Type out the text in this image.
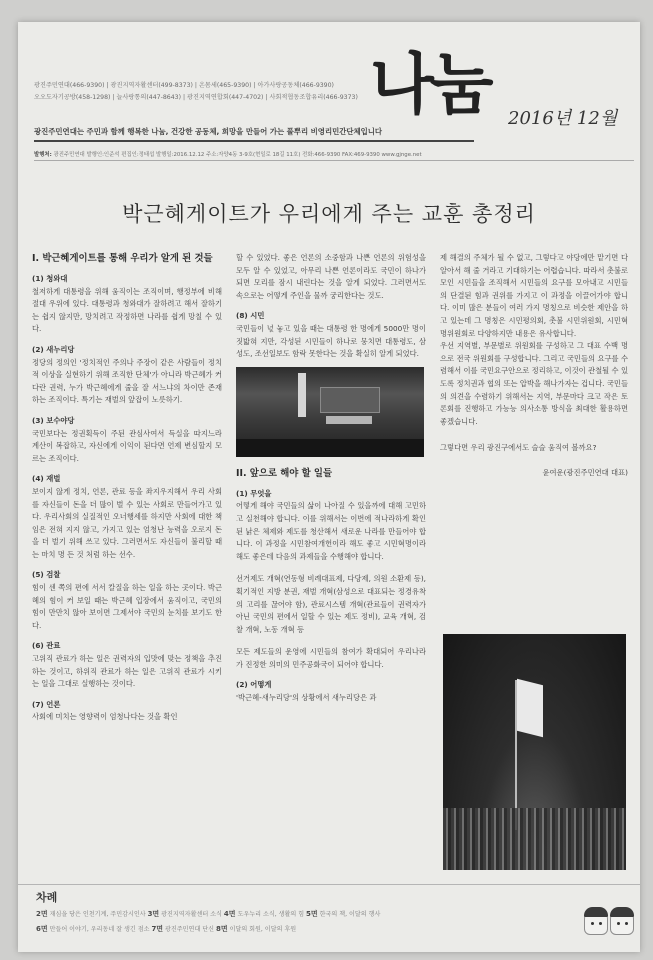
광진주민연대(466-9390) | 광진지역자활센터(499-8373) | 온몸세(465-9390) | 아가사랑공동체(466-9390)
오오도자기공방(458-1298) | 늘사랑통의(447-8643) | 광진지역연합회(447-4702) | 사회적협동조합유리(466-9373) 나눔 2016년 12월
광진주민연대는 주민과 함께 행복한 나눔, 건강한 공동체, 희망을 만들어 가는 풀뿌리 비영리민간단체입니다
발행처: 광진주민연대 발행인:인준석 편집인:정태섭 발행일:2016.12.12 주소:자양4동 3-9호(현일로 18길 11호) 전화:466-9390 FAX:469-9390 www.gjnge.net
박근혜게이트가 우리에게 주는 교훈 총정리
I. 박근혜게이트를 통해 우리가 알게 된 것들
(1) 청와대
철저하게 대통령을 위해 움직이는 조직이며, 행정부에 비해 절대 우위에 있다. 대통령과 청와대가 잘하려고 해서 잘하기는 쉽지 않지만, 망치려고 작정하면 나라를 쉽게 망칠 수 있다.
(2) 새누리당
정당의 정의인 '정치적인 주의나 주장이 같은 사람들이 정치적 이상을 실현하기 위해 조직한 단체'가 아니라 박근혜가 커다란 권력, 누가 박근혜에게 줄을 잘 서느냐의 차이만 존재하는 조직이다. 특기는 재벌의 앞잡이 노릇하기.
(3) 보수야당
국민보다는 정권획득이 주된 관심사여서 득실을 따지느라 계산이 복잡하고, 자신에게 이익이 된다면 언제 변심할지 모르는 조직이다.
(4) 재벌
보이지 않게 정치, 언론, 관료 등을 좌지우지해서 우리 사회를 자신들이 돈을 더 많이 벌 수 있는 사회로 만들어가고 있다. 우리사회의 실질적인 오너행세를 하지만 사회에 대한 책임은 전혀 지지 않고, 가지고 있는 엄청난 능력을 오로지 돈을 더 벌기 위해 쓰고 있다. 그러면서도 자신들이 불리할 때는 마치 명 든 것 처럼 하는 선수.
(5) 검찰
힘이 센 쪽의 편에 서서 칼질을 하는 일을 하는 곳이다. 박근혜의 힘이 커 보일 때는 박근혜 입장에서 움직이고, 국민의 힘이 만만치 않아 보이면 그제서야 국민의 눈치를 보기도 한다.
(6) 관료
고위직 관료가 하는 일은 권력자의 입맛에 맞는 정책을 추진하는 것이고, 하위직 관료가 하는 일은 고위직 관료가 시키는 일을 그대로 실행하는 것이다.
(7) 언론
사회에 미치는 영향력이 엄청나다는 것을 확인
할 수 있었다. 좋은 언론의 소중함과 나쁜 언론의 위험성을 모두 알 수 있었고, 아무리 나쁜 언론이라도 국민이 하나가 되면 모리를 잠시 내린다는 것을 알게 되었다. 그러면서도 속으로는 어떻게 주인을 물까 궁리한다는 것도.
(8) 시민
국민들이 넋 놓고 있을 때는 대통령 한 명에게 5000만 명이 짓밟혀 지만, 각성된 시민들이 하나로 뭉치면 대통령도, 삼성도, 조선일보도 함락 못한다는 것을 확실히 알게 되었다.
II. 앞으로 해야 할 일들
(1) 무엇을
어떻게 해야 국민들의 삶이 나아질 수 있을까에 대해 고민하고 실천해야 합니다. 이를 위해서는 이번에 적나라하게 확인된 낡은 체제와 제도를 청산해서 새로운 나라를 만들어야 합니다. 이 과정을 시민참여개헌이라 해도 좋고 시민혁명이라 해도 좋은데 다음의 과제들을 수행해야 합니다.
선거제도 개혁(연동형 비례대표제, 다당제, 의원 소환제 등), 획기적인 지방 분권, 재벌 개혁(삼성으로 대표되는 정경유착의 고리를 끊어야 함), 관료시스템 개혁(관료들이 권력자가 아닌 국민의 편에서 일할 수 있는 제도 정비), 교육 개혁, 검찰 개혁, 노동 개혁 등
모든 제도들의 운영에 시민들의 참여가 확대되어 우리나라가 진정한 의미의 민주공화국이 되어야 합니다.
(2) 어떻게
'박근혜-새누리당'의 상황에서 새누리당은 과
제 해결의 주체가 될 수 없고, 그렇다고 야당에만 맡기면 다 알아서 해 줄 거라고 기대하기는 어렵습니다. 따라서 촛불로 모인 시민들을 조직해서 시민들의 요구를 모아내고 시민들의 단결된 힘과 권위를 가지고 이 과정을 이끌어가야 합니다. 이미 많은 분들이 여러 가지 명칭으로 비슷한 제안을 하고 있는데 그 명칭은 시민평의회, 촛불 시민위원회, 시민혁명위원회로 다양하지만 내용은 유사합니다.
우선 지역별, 부문별로 위원회를 구성하고 그 대표 수백 명으로 전국 위원회를 구성합니다. 그리고 국민들의 요구를 수렴해서 이를 국민요구안으로 정리하고, 이것이 관철될 수 있도록 정치권과 협의 또는 압박을 해나가자는 겁니다. 국민들의 의견을 수렴하기 위해서는 지역, 부문마다 크고 작은 토론회를 진행하고 가능능 의사소통 방식을 최대한 활용하면 좋겠습니다.
그렇다면 우리 광진구에서도 슬슬 움직여 볼까요?
윤여운(광진주민연대 대표)
차례
2면 재심을 당은 인천기계, 주민감시인사 3면 광진지역자활센터 소식 4면 도우누리 소식, 생활의 힘 5면 한국의 책, 이달의 행사
6면 만들어 이야기, 우리동네 잘 생긴 점소 7면 광진주민연대 단신 8면 이달의 회원, 이달의 후원
